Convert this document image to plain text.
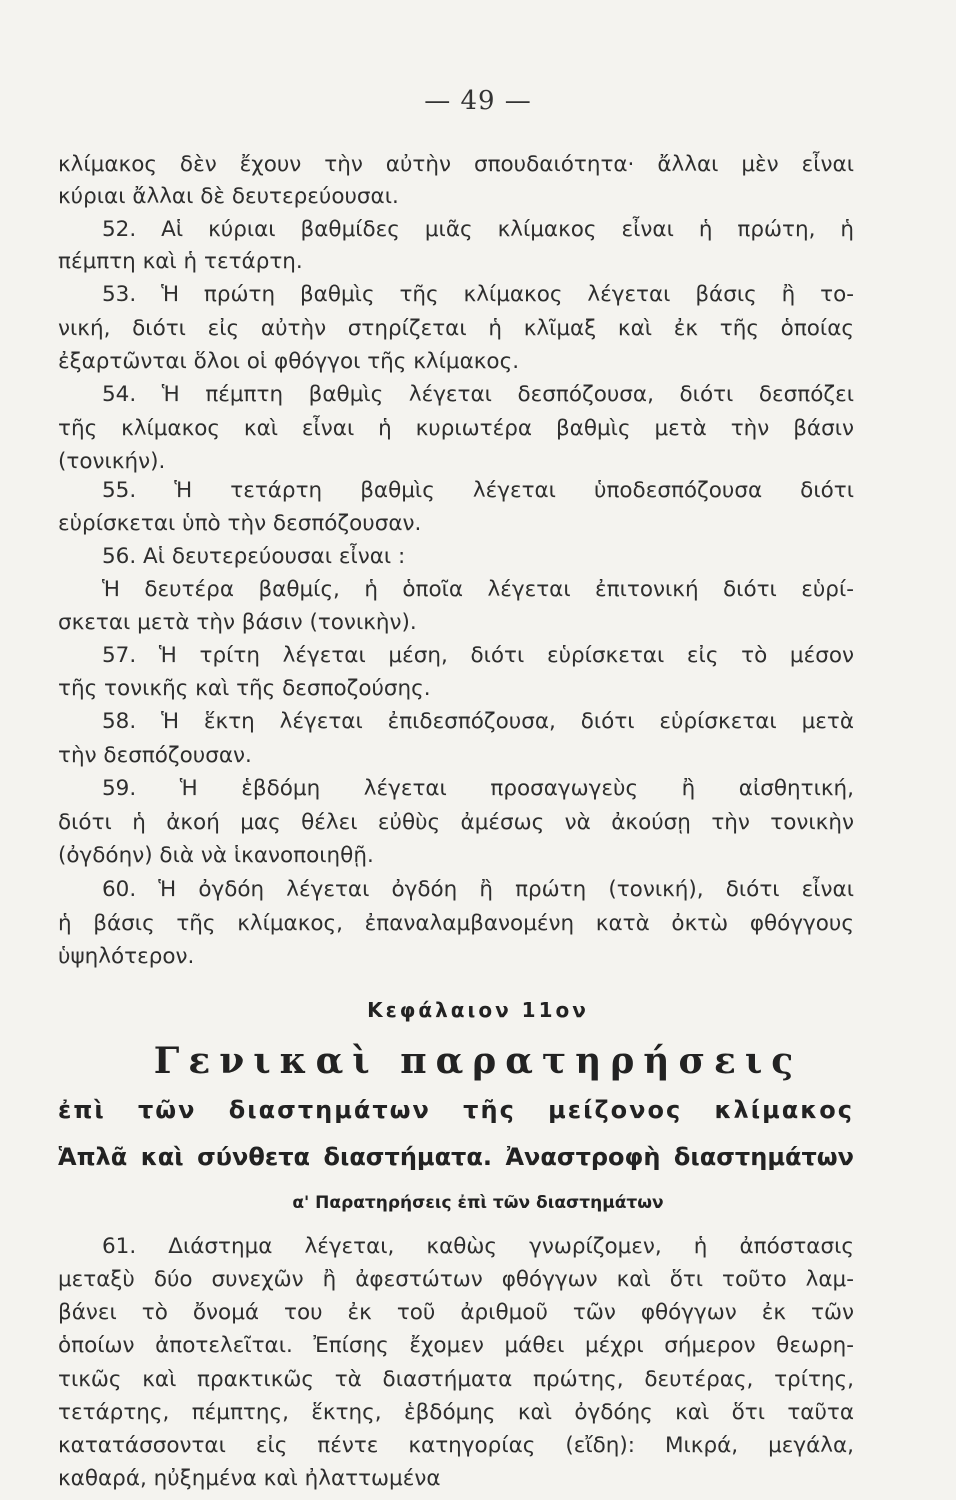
— 49 —
κλίμακος δὲν ἔχουν τὴν αὐτὴν σπουδαιότητα· ἄλλαι μὲν εἶναι
κύριαι ἄλλαι δὲ δευτερεύουσαι.
52. Αἱ κύριαι βαθμίδες μιᾶς κλίμακος εἶναι ἡ πρώτη, ἡ
πέμπτη καὶ ἡ τετάρτη.
53. Ἡ πρώτη βαθμὶς τῆς κλίμακος λέγεται βάσις ἢ το-
νική, διότι εἰς αὐτὴν στηρίζεται ἡ κλῖμαξ καὶ ἐκ τῆς ὁποίας
ἐξαρτῶνται ὅλοι οἱ φθόγγοι τῆς κλίμακος.
54. Ἡ πέμπτη βαθμὶς λέγεται δεσπόζουσα, διότι δεσπόζει
τῆς κλίμακος καὶ εἶναι ἡ κυριωτέρα βαθμὶς μετὰ τὴν βάσιν
(τονικήν).
55. Ἡ τετάρτη βαθμὶς λέγεται ὑποδεσπόζουσα διότι
εὑρίσκεται ὑπὸ τὴν δεσπόζουσαν.
56. Αἱ δευτερεύουσαι εἶναι :
Ἡ δευτέρα βαθμίς, ἡ ὁποῖα λέγεται ἐπιτονική διότι εὑρί-
σκεται μετὰ τὴν βάσιν (τονικὴν).
57. Ἡ τρίτη λέγεται μέση, διότι εὑρίσκεται εἰς τὸ μέσον
τῆς τονικῆς καὶ τῆς δεσποζούσης.
58. Ἡ ἕκτη λέγεται ἐπιδεσπόζουσα, διότι εὑρίσκεται μετὰ
τὴν δεσπόζουσαν.
59. Ἡ ἑβδόμη λέγεται προσαγωγεὺς ἢ αἰσθητική,
διότι ἡ ἀκοή μας θέλει εὐθὺς ἀμέσως νὰ ἀκούσῃ τὴν τονικὴν
(ὀγδόην) διὰ νὰ ἱκανοποιηθῇ.
60. Ἡ ὀγδόη λέγεται ὀγδόη ἢ πρώτη (τονική), διότι εἶναι
ἡ βάσις τῆς κλίμακος, ἐπαναλαμβανομένη κατὰ ὀκτὼ φθόγγους
ὑψηλότερον.
Κεφάλαιον 11ον
Γενικαὶ παρατηρήσεις
ἐπὶ τῶν διαστημάτων τῆς μείζονος κλίμακος
Ἁπλᾶ καὶ σύνθετα διαστήματα. Ἀναστροφὴ διαστημάτων
α' Παρατηρήσεις ἐπὶ τῶν διαστημάτων
61. Διάστημα λέγεται, καθὼς γνωρίζομεν, ἡ ἀπόστασις
μεταξὺ δύο συνεχῶν ἢ ἀφεστώτων φθόγγων καὶ ὅτι τοῦτο λαμ-
βάνει τὸ ὄνομά του ἐκ τοῦ ἀριθμοῦ τῶν φθόγγων ἐκ τῶν
ὁποίων ἀποτελεῖται. Ἐπίσης ἔχομεν μάθει μέχρι σήμερον θεωρη-
τικῶς καὶ πρακτικῶς τὰ διαστήματα πρώτης, δευτέρας, τρίτης,
τετάρτης, πέμπτης, ἕκτης, ἑβδόμης καὶ ὀγδόης καὶ ὅτι ταῦτα
κατατάσσονται εἰς πέντε κατηγορίας (εἴδη): Μικρά, μεγάλα,
καθαρά, ηὐξημένα καὶ ἠλαττωμένα
